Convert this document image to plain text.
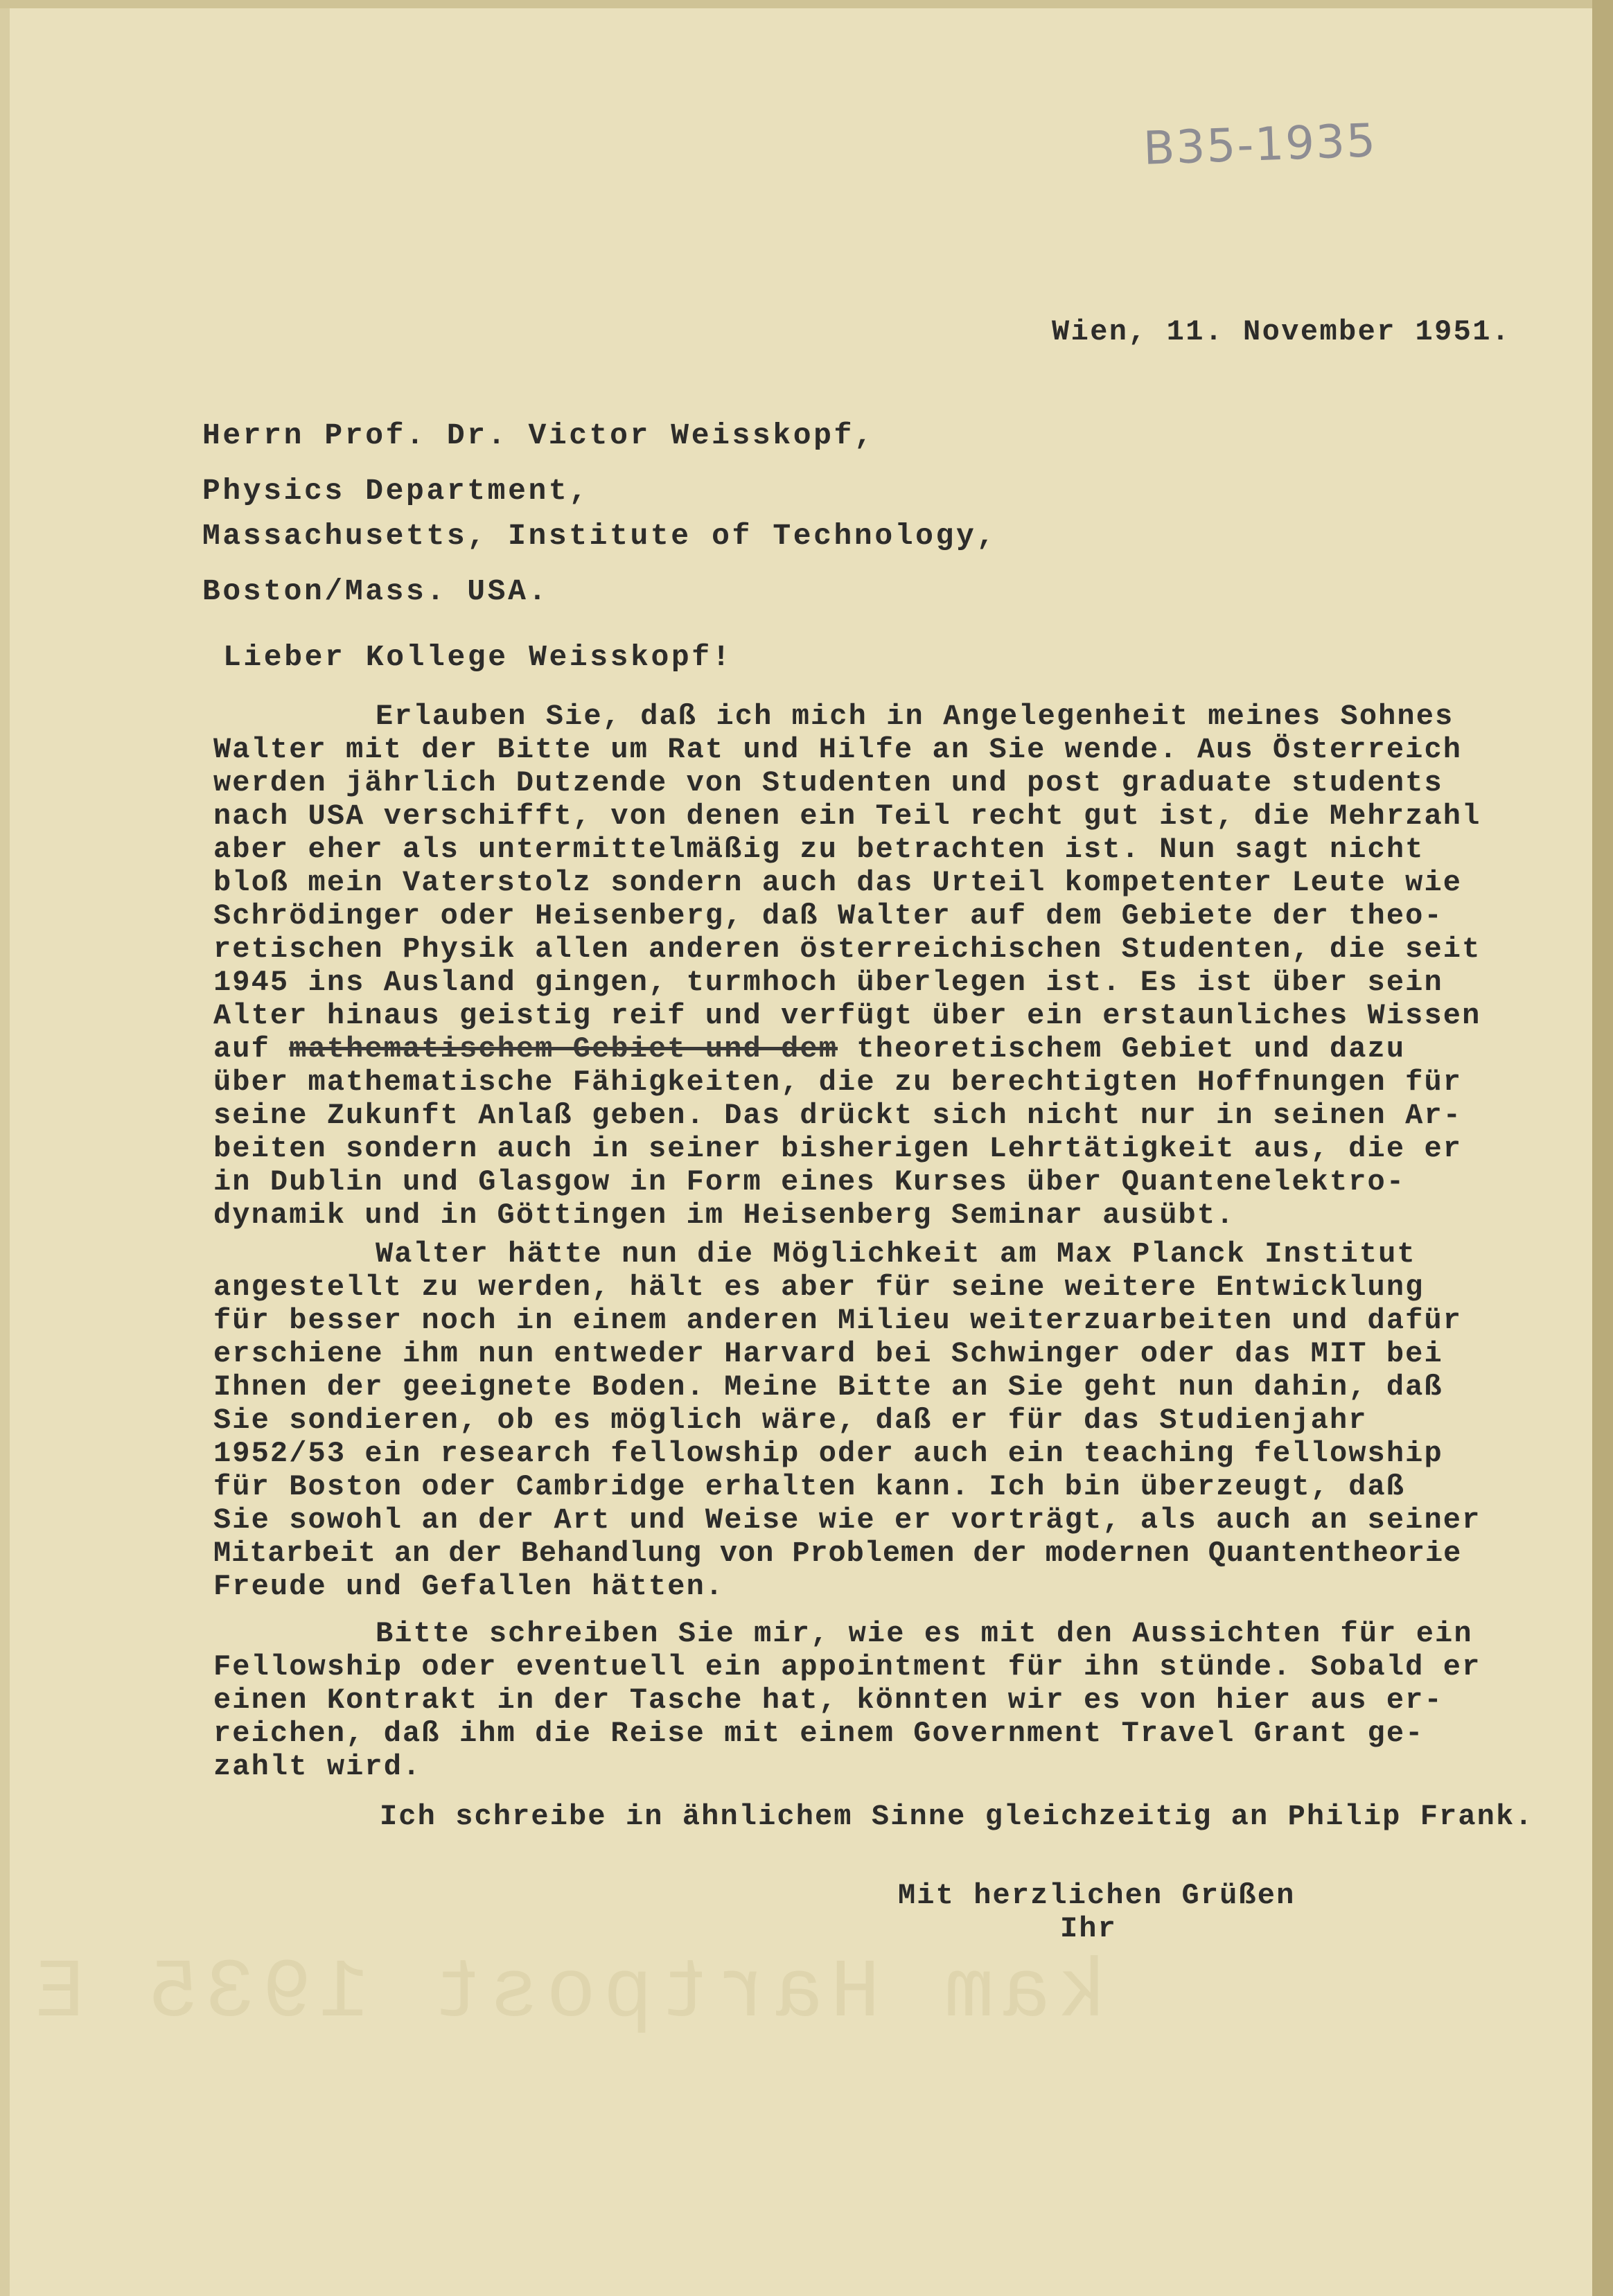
kam Hartpost 1935 E
B35-1935
Wien, 11. November 1951.
Herrn Prof. Dr. Victor Weisskopf,
Physics Department,
Massachusetts, Institute of Technology,
Boston/Mass. USA.
Lieber Kollege Weisskopf!
Erlauben Sie, daß ich mich in Angelegenheit meines Sohnes
Walter mit der Bitte um Rat und Hilfe an Sie wende. Aus Österreich
werden jährlich Dutzende von Studenten und post graduate students
nach USA verschifft, von denen ein Teil recht gut ist, die Mehrzahl
aber eher als untermittelmäßig zu betrachten ist. Nun sagt nicht
bloß mein Vaterstolz sondern auch das Urteil kompetenter Leute wie
Schrödinger oder Heisenberg, daß Walter auf dem Gebiete der theo-
retischen Physik allen anderen österreichischen Studenten, die seit
1945 ins Ausland gingen, turmhoch überlegen ist. Es ist über sein
Alter hinaus geistig reif und verfügt über ein erstaunliches Wissen
auf mathematischem Gebiet und dem theoretischem Gebiet und dazu
über mathematische Fähigkeiten, die zu berechtigten Hoffnungen für
seine Zukunft Anlaß geben. Das drückt sich nicht nur in seinen Ar-
beiten sondern auch in seiner bisherigen Lehrtätigkeit aus, die er
in Dublin und Glasgow in Form eines Kurses über Quantenelektro-
dynamik und in Göttingen im Heisenberg Seminar ausübt.
Walter hätte nun die Möglichkeit am Max Planck Institut
angestellt zu werden, hält es aber für seine weitere Entwicklung
für besser noch in einem anderen Milieu weiterzuarbeiten und dafür
erschiene ihm nun entweder Harvard bei Schwinger oder das MIT bei
Ihnen der geeignete Boden. Meine Bitte an Sie geht nun dahin, daß
Sie sondieren, ob es möglich wäre, daß er für das Studienjahr
1952/53 ein research fellowship oder auch ein teaching fellowship
für Boston oder Cambridge erhalten kann. Ich bin überzeugt, daß
Sie sowohl an der Art und Weise wie er vorträgt, als auch an seiner
Mitarbeit an der Behandlung von Problemen der modernen Quantentheorie
Freude und Gefallen hätten.
Bitte schreiben Sie mir, wie es mit den Aussichten für ein
Fellowship oder eventuell ein appointment für ihn stünde. Sobald er
einen Kontrakt in der Tasche hat, könnten wir es von hier aus er-
reichen, daß ihm die Reise mit einem Government Travel Grant ge-
zahlt wird.
Ich schreibe in ähnlichem Sinne gleichzeitig an Philip Frank.
Mit herzlichen Grüßen
Ihr
